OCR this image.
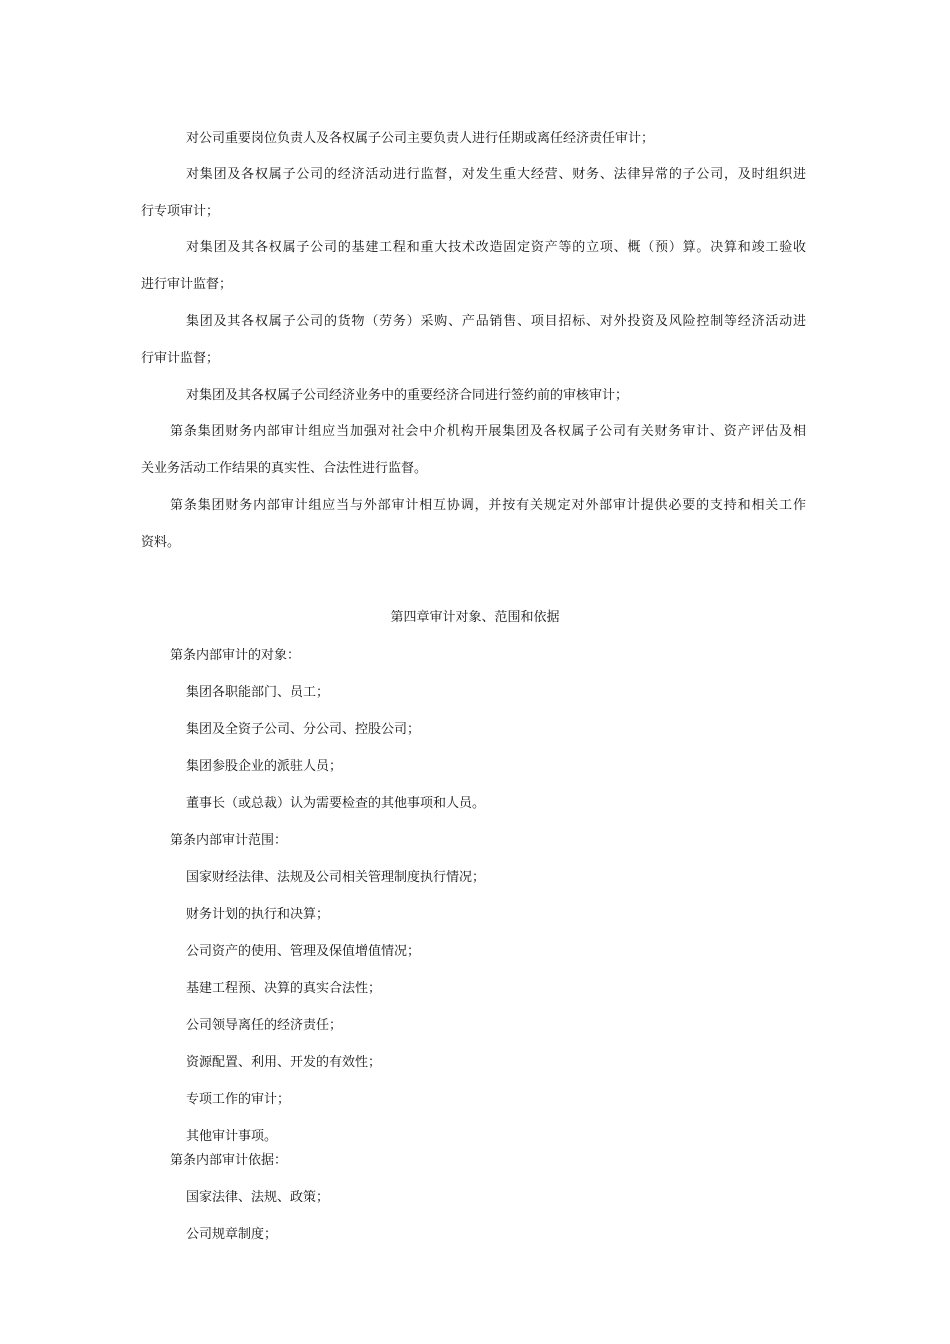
对公司重要岗位负责人及各权属子公司主要负责人进行任期或离任经济责任审计；
对集团及各权属子公司的经济活动进行监督，对发生重大经营、财务、法律异常的子公司，及时组织进
行专项审计；
对集团及其各权属子公司的基建工程和重大技术改造固定资产等的立项、概（预）算。决算和竣工验收
进行审计监督；
集团及其各权属子公司的货物（劳务）采购、产品销售、项目招标、对外投资及风险控制等经济活动进
行审计监督；
对集团及其各权属子公司经济业务中的重要经济合同进行签约前的审核审计；
第条集团财务内部审计组应当加强对社会中介机构开展集团及各权属子公司有关财务审计、资产评估及相
关业务活动工作结果的真实性、合法性进行监督。
第条集团财务内部审计组应当与外部审计相互协调，并按有关规定对外部审计提供必要的支持和相关工作
资料。
第四章审计对象、范围和依据
第条内部审计的对象：
集团各职能部门、员工；
集团及全资子公司、分公司、控股公司；
集团参股企业的派驻人员；
董事长（或总裁）认为需要检查的其他事项和人员。
第条内部审计范围：
国家财经法律、法规及公司相关管理制度执行情况；
财务计划的执行和决算；
公司资产的使用、管理及保值增值情况；
基建工程预、决算的真实合法性；
公司领导离任的经济责任；
资源配置、利用、开发的有效性；
专项工作的审计；
其他审计事项。
第条内部审计依据：
国家法律、法规、政策；
公司规章制度；
